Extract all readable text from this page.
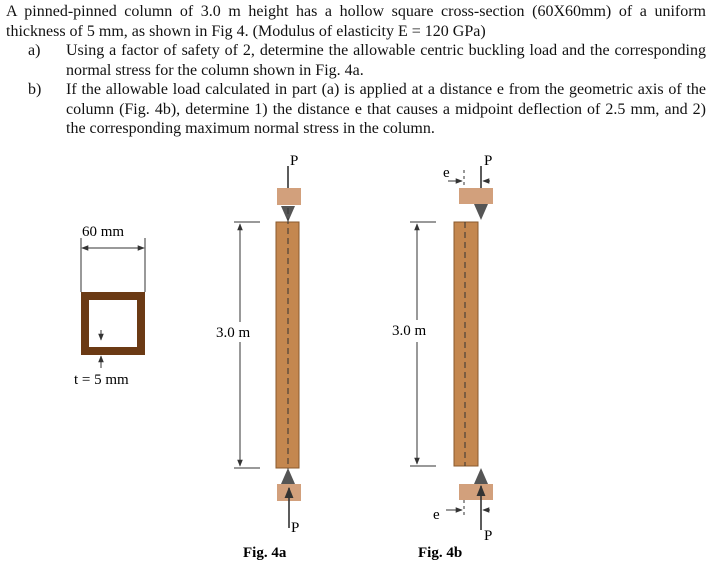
A pinned-pinned column of 3.0 m height has a hollow square cross-section (60X60mm) of a uniform thickness of 5 mm, as shown in Fig 4. (Modulus of elasticity E = 120 GPa)

a)	Using a factor of safety of 2, determine the allowable centric buckling load and the corresponding normal stress for the column shown in Fig. 4a.
b)	If the allowable load calculated in part (a) is applied at a distance e from the geometric axis of the column (Fig. 4b), determine 1) the distance e that causes a midpoint deflection of 2.5 mm, and 2) the corresponding maximum normal stress in the column.
60 mm
t = 5 mm
P
P
3.0 m
Fig. 4a
P
e
P
e
3.0 m
Fig. 4b
